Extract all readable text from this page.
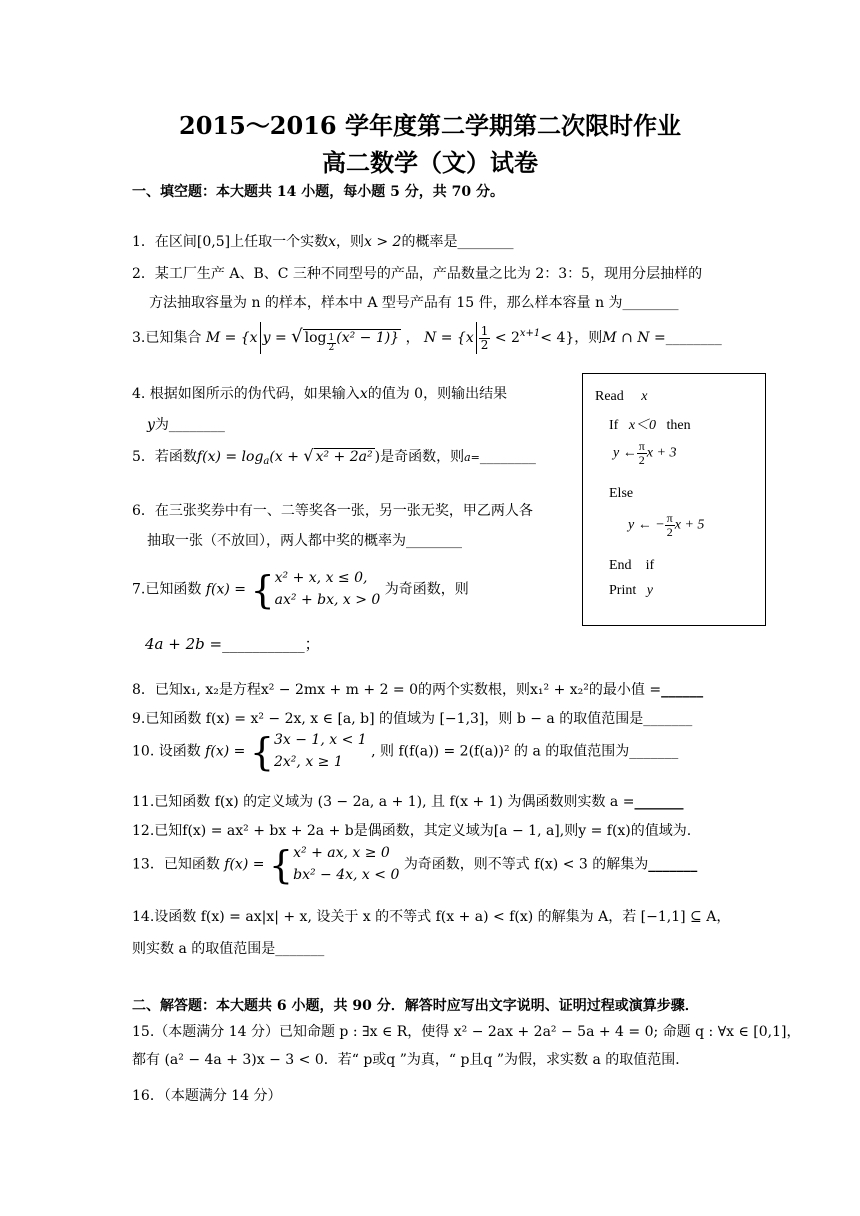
2015～2016 学年度第二学期第二次限时作业
高二数学（文）试卷
一、填空题：本大题共 14 小题，每小题 5 分，共 70 分。
1．在区间[0,5]上任取一个实数x，则x > 2的概率是________
2．某工厂生产 A、B、C 三种不同型号的产品，产品数量之比为 2：3：5，现用分层抽样的
方法抽取容量为 n 的样本，样本中 A 型号产品有 15 件，那么样本容量 n 为________
3.已知集合 M = {x y = √ $\log \frac{1}{2} (x^2 - 1)$} ， $N = \{x \frac{1}{2} < 2^{x+1}< 4\}$，则M ∩ N =________
4. 根据如图所示的伪代码，如果输入x的值为 0，则输出结果
y为________
5．若函数$f(x) = \log_a(x$ + √ x² + 2a² )是奇函数，则a=________
6．在三张奖券中有一、二等奖各一张，另一张无奖，甲乙两人各
抽取一张（不放回），两人都中奖的概率为________
7.已知函数 f(x) = { x² + x, x ≤ 0,
ax² + bx, x > 0
为奇函数，则
4a + 2b =___________；
Read x
If x＜0 then
y ← $\frac{\pi}{2}$ x + 3
Else
y ← − $\frac{\pi}{2}$ x + 5
End if
Print y
8．已知x₁, x₂是方程x² − 2mx + m + 2 = 0的两个实数根，则x₁² + x₂²的最小值 =______
9.已知函数 f(x) = x² − 2x, x ∈ [a, b] 的值域为 [−1,3]，则 b − a 的取值范围是_______
10. 设函数 f(x) = { 3x − 1, x < 1
2x², x ≥ 1
, 则 f(f(a)) = 2(f(a))² 的 a 的取值范围为_______
11.已知函数 f(x) 的定义域为 (3 − 2a, a + 1), 且 f(x + 1) 为偶函数则实数 a =_______
12.已知f(x) = ax² + bx + 2a + b是偶函数，其定义域为[a − 1, a],则y = f(x)的值域为.
13．已知函数 f(x) = { x² + ax, x ≥ 0
bx² − 4x, x < 0
为奇函数，则不等式 f(x) < 3 的解集为_______
14.设函数 f(x) = ax|x| + x, 设关于 x 的不等式 f(x + a) < f(x) 的解集为 A，若 [−1,1] ⊆ A，
则实数 a 的取值范围是_______
二、解答题：本大题共 6 小题，共 90 分．解答时应写出文字说明、证明过程或演算步骤．
15.（本题满分 14 分）已知命题 p : ∃x ∈ R，使得 x² − 2ax + 2a² − 5a + 4 = 0; 命题 q : ∀x ∈ [0,1]，
都有 (a² − 4a + 3)x − 3 < 0．若“ p或q ”为真，“ p且q ”为假，求实数 a 的取值范围．
16．（本题满分 14 分）
